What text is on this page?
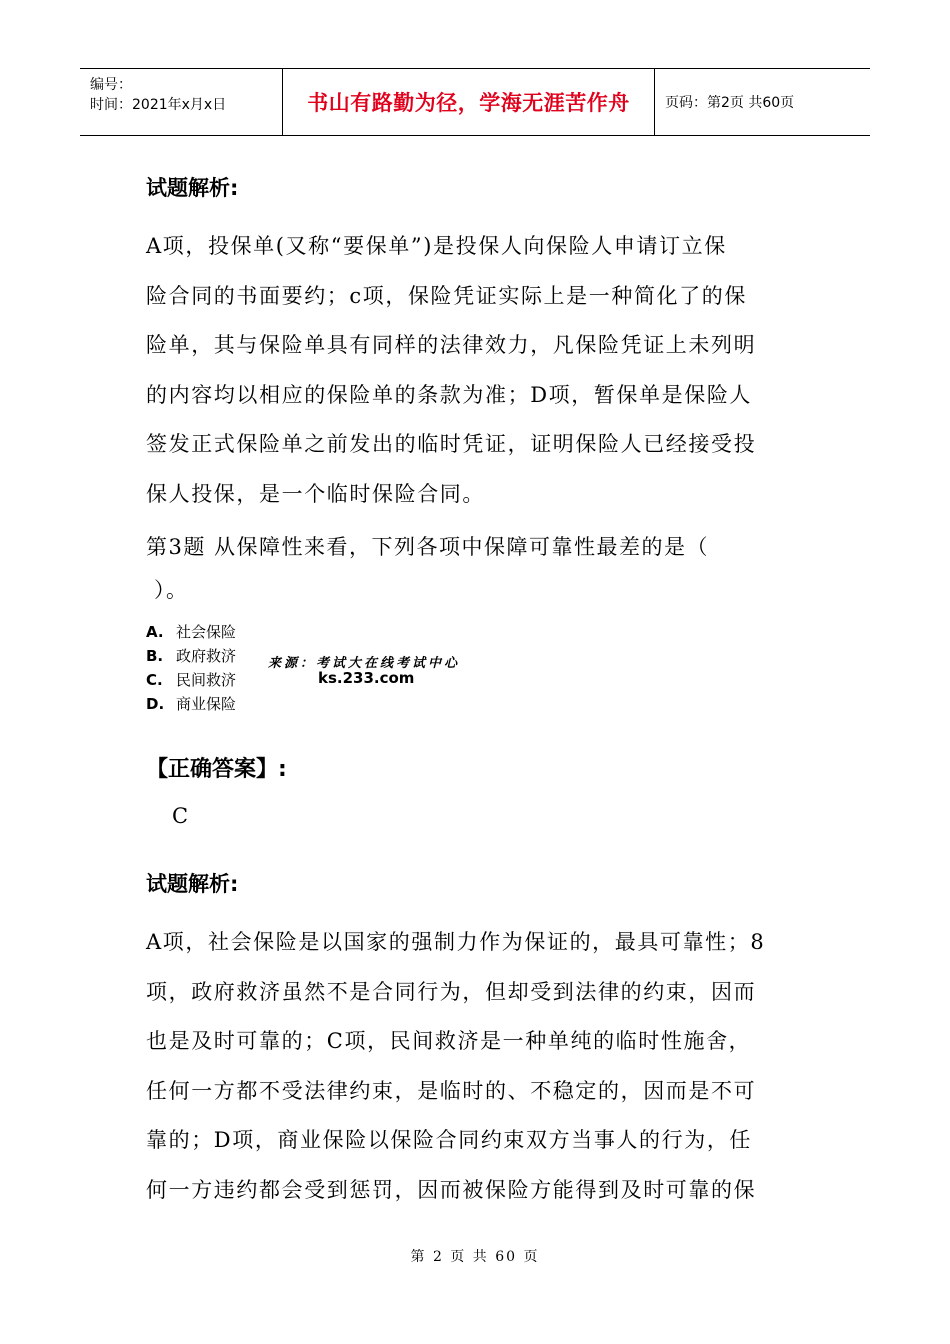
编号：
时间：2021年x月x日	书山有路勤为径，学海无涯苦作舟	页码：第2页 共60页
试题解析:
A项，投保单(又称“要保单”)是投保人向保险人申请订立保
险合同的书面要约；c项，保险凭证实际上是一种简化了的保
险单，其与保险单具有同样的法律效力，凡保险凭证上未列明
的内容均以相应的保险单的条款为准；D项，暂保单是保险人
签发正式保险单之前发出的临时凭证，证明保险人已经接受投
保人投保，是一个临时保险合同。
第3题 从保障性来看，下列各项中保障可靠性最差的是（
）。
A. 社会保险
B. 政府救济
C. 民间救济
D. 商业保险
来源：考试大在线考试中心
ks.233.com
【正确答案】:
C
试题解析:
A项，社会保险是以国家的强制力作为保证的，最具可靠性；8
项，政府救济虽然不是合同行为，但却受到法律的约束，因而
也是及时可靠的；C项，民间救济是一种单纯的临时性施舍，
任何一方都不受法律约束，是临时的、不稳定的，因而是不可
靠的；D项，商业保险以保险合同约束双方当事人的行为，任
何一方违约都会受到惩罚，因而被保险方能得到及时可靠的保
第 2 页 共 60 页
